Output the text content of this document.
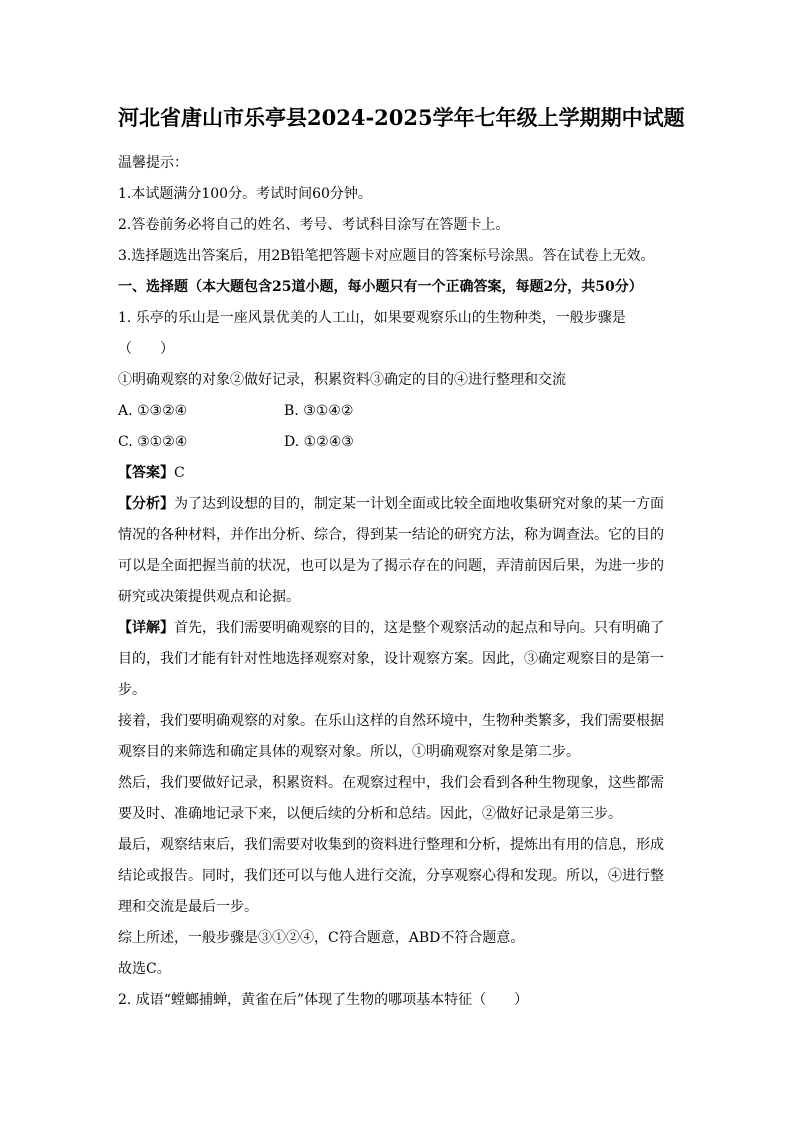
河北省唐山市乐亭县2024-2025学年七年级上学期期中试题

温馨提示：

1.本试题满分100分。考试时间60分钟。

2.答卷前务必将自己的姓名、考号、考试科目涂写在答题卡上。

3.选择题选出答案后，用2B铅笔把答题卡对应题目的答案标号涂黑。答在试卷上无效。

一、选择题（本大题包含25道小题，每小题只有一个正确答案，每题2分，共50分）

1. 乐亭的乐山是一座风景优美的人工山，如果要观察乐山的生物种类，一般步骤是

（　　）

①明确观察的对象②做好记录，积累资料③确定的目的④进行整理和交流

A. ①③②④	B. ③①④②
C. ③①②④	D. ①②④③

【答案】C

【分析】为了达到设想的目的，制定某一计划全面或比较全面地收集研究对象的某一方面情况的各种材料，并作出分析、综合，得到某一结论的研究方法，称为调查法。它的目的可以是全面把握当前的状况，也可以是为了揭示存在的问题，弄清前因后果，为进一步的研究或决策提供观点和论据。

【详解】首先，我们需要明确观察的目的，这是整个观察活动的起点和导向。只有明确了目的，我们才能有针对性地选择观察对象，设计观察方案。因此，③确定观察目的是第一步。

接着，我们要明确观察的对象。在乐山这样的自然环境中，生物种类繁多，我们需要根据观察目的来筛选和确定具体的观察对象。所以，①明确观察对象是第二步。

然后，我们要做好记录，积累资料。在观察过程中，我们会看到各种生物现象，这些都需要及时、准确地记录下来，以便后续的分析和总结。因此，②做好记录是第三步。

最后，观察结束后，我们需要对收集到的资料进行整理和分析，提炼出有用的信息，形成结论或报告。同时，我们还可以与他人进行交流，分享观察心得和发现。所以，④进行整理和交流是最后一步。

综上所述，一般步骤是③①②④，C符合题意，ABD不符合题意。

故选C。

2. 成语“螳螂捕蝉，黄雀在后”体现了生物的哪项基本特征（　　）
